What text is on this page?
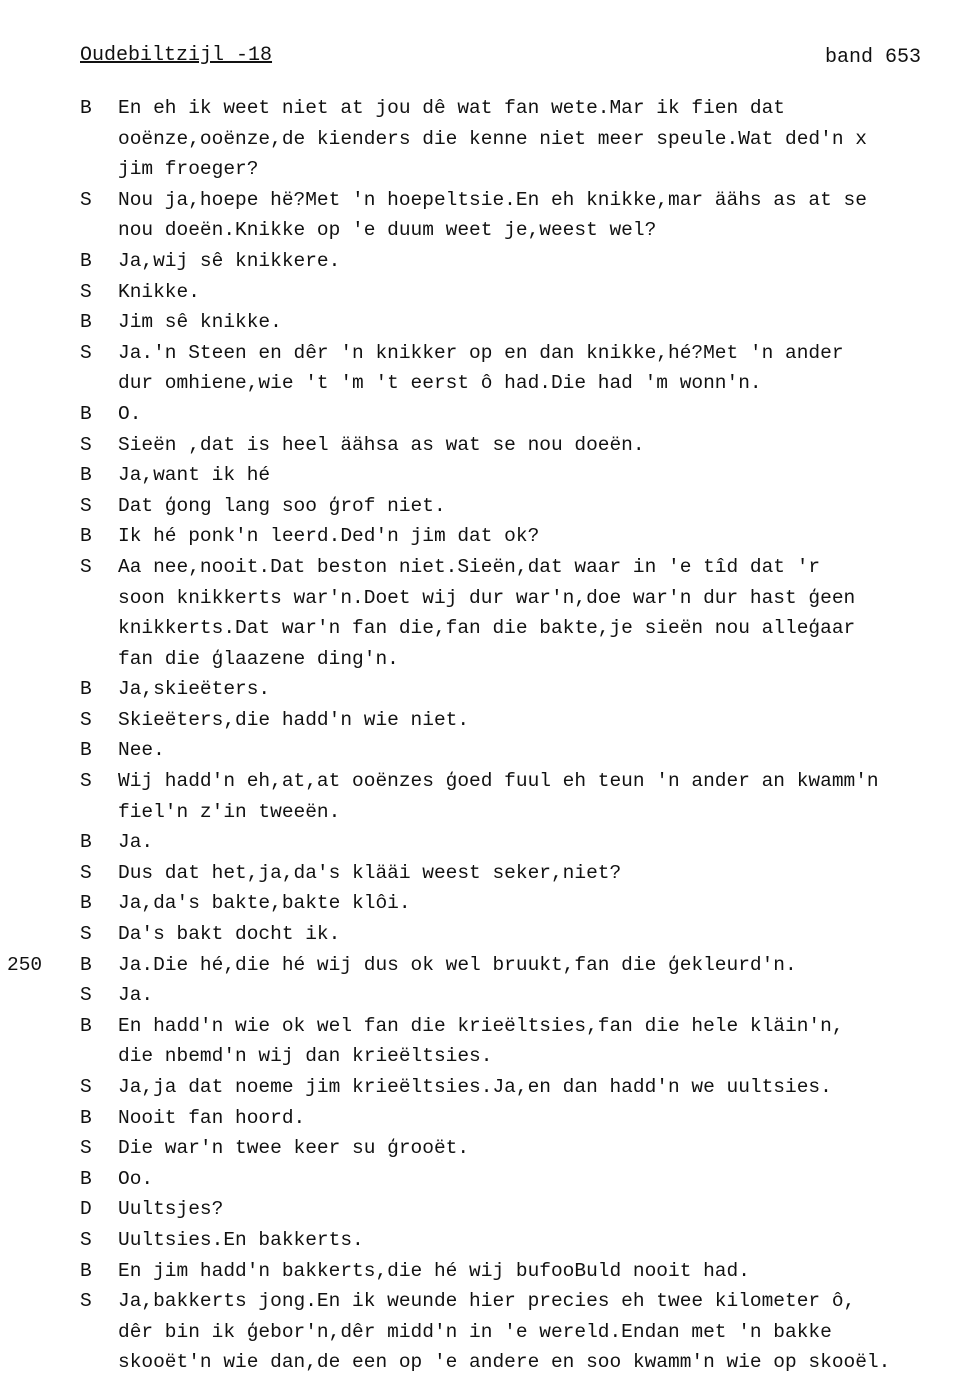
Oudebiltzijl -18	band 653
B	En eh ik weet niet at jou dê wat fan wete.Mar ik fien dat
ooënze,ooënze,de kienders die kenne niet meer speule.Wat ded'n x
jim froeger?
S	Nou ja,hoepe hë?Met 'n hoepeltsie.En eh knikke,mar äähs as at se
nou doeën.Knikke op 'e duum weet je,weest wel?
B	Ja,wij sê knikkere.
S	Knikke.
B	Jim sê knikke.
S	Ja.'n Steen en dêr 'n knikker op en dan knikke,hé?Met 'n ander
dur omhiene,wie 't 'm 't eerst ô had.Die had 'm wonn'n.
B	O.
S	Sieën ,dat is heel äähsa as wat se nou doeën.
B	Ja,want ik hé
S	Dat ģong lang soo ģrof niet.
B	Ik hé ponk'n leerd.Ded'n jim dat ok?
S	Aa nee,nooit.Dat beston niet.Sieën,dat waar in 'e tîd dat 'r
soon knikkerts war'n.Doet wij dur war'n,doe war'n dur hast ģeen
knikkerts.Dat war'n fan die,fan die bakte,je sieën nou alleģaar
fan die ģlaazene ding'n.
B	Ja,skieëters.
S	Skieëters,die hadd'n wie niet.
B	Nee.
S	Wij hadd'n eh,at,at ooënzes ģoed fuul eh teun 'n ander an kwamm'n
fiel'n z'in tweeën.
B	Ja.
S	Dus dat het,ja,da's klääi weest seker,niet?
B	Ja,da's bakte,bakte klôi.
S	Da's bakt docht ik.
250 B	Ja.Die hé,die hé wij dus ok wel bruukt,fan die ģekleurd'n.
S	Ja.
B	En hadd'n wie ok wel fan die krieëltsies,fan die hele kläin'n,
die nbemd'n wij dan krieëltsies.
S	Ja,ja dat noeme jim krieëltsies.Ja,en dan hadd'n we uultsies.
B	Nooit fan hoord.
S	Die war'n twee keer su ģrooët.
B	Oo.
D	Uultsjes?
S	Uultsies.En bakkerts.
B	En jim hadd'n bakkerts,die hé wij bufooBuld nooit had.
S	Ja,bakkerts jong.En ik weunde hier precies eh twee kilometer ô,
dêr bin ik ģebor'n,dêr midd'n in 'e wereld.Endan met 'n bakke
skooët'n wie dan,de een op 'e andere en soo kwamm'n wie op skooël.
